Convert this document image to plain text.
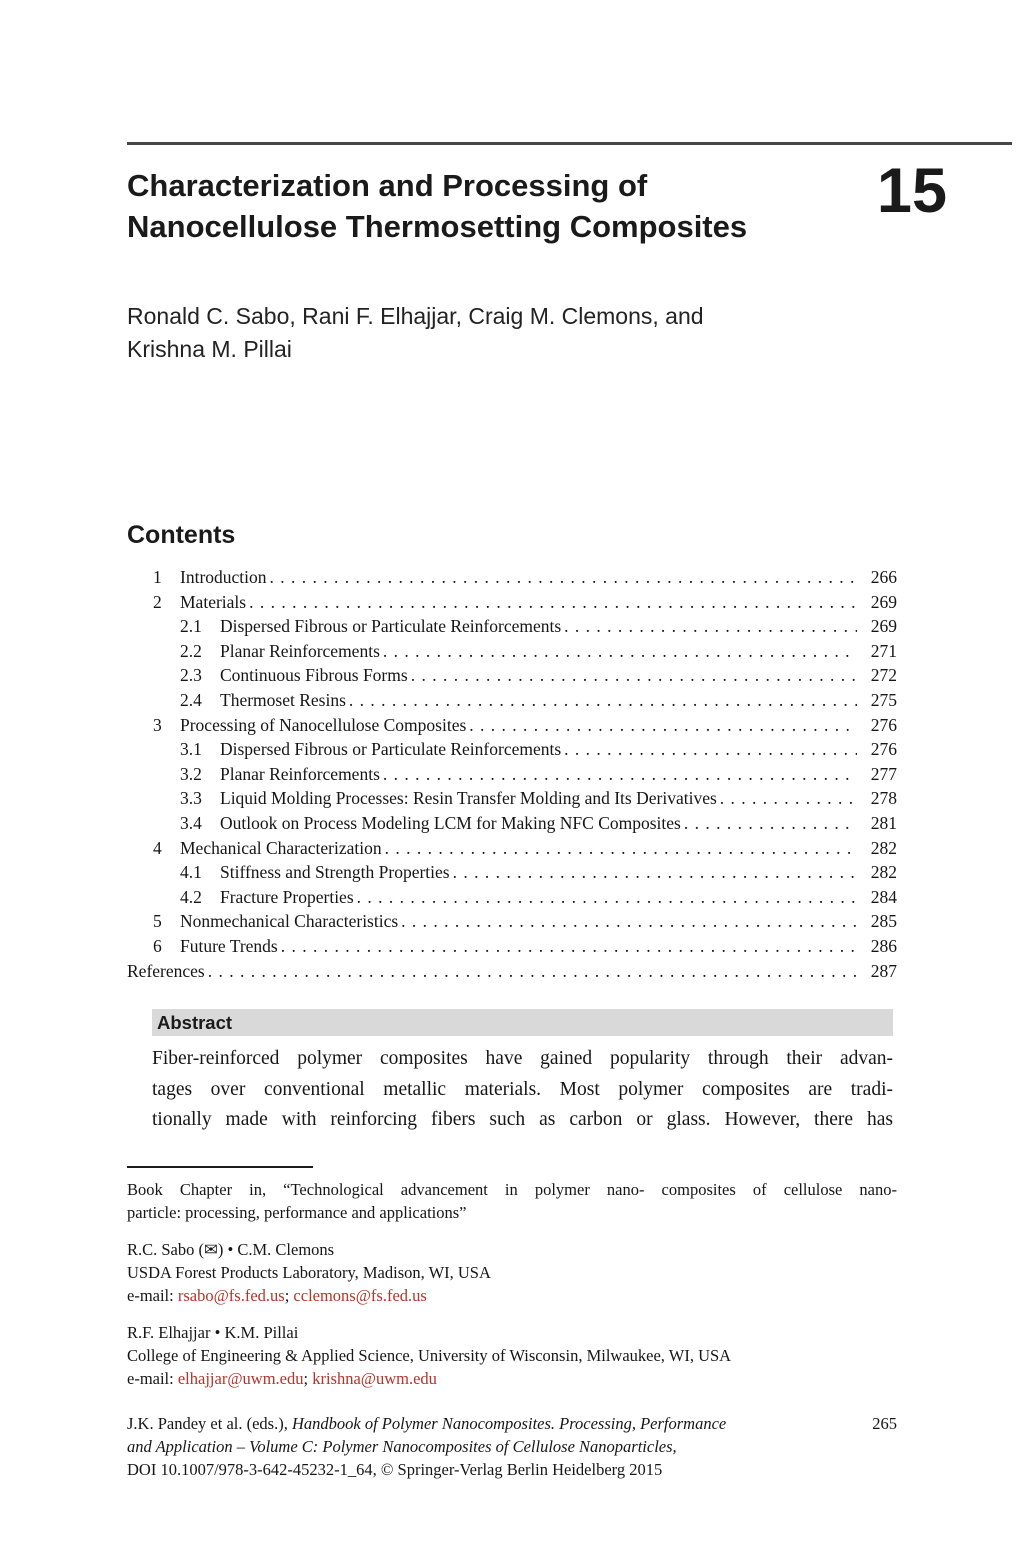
Characterization and Processing of
Nanocellulose Thermosetting Composites
15
Ronald C. Sabo, Rani F. Elhajjar, Craig M. Clemons, and
Krishna M. Pillai
Contents
1	Introduction . . .	266
2	Materials . . .	269
2.1	Dispersed Fibrous or Particulate Reinforcements . . .	269
2.2	Planar Reinforcements . . .	271
2.3	Continuous Fibrous Forms . . .	272
2.4	Thermoset Resins . . .	275
3	Processing of Nanocellulose Composites . . .	276
3.1	Dispersed Fibrous or Particulate Reinforcements . . .	276
3.2	Planar Reinforcements . . .	277
3.3	Liquid Molding Processes: Resin Transfer Molding and Its Derivatives . . .	278
3.4	Outlook on Process Modeling LCM for Making NFC Composites . . .	281
4	Mechanical Characterization . . .	282
4.1	Stiffness and Strength Properties . . .	282
4.2	Fracture Properties . . .	284
5	Nonmechanical Characteristics . . .	285
6	Future Trends . . .	286
References . . .	287
Abstract
Fiber-reinforced polymer composites have gained popularity through their advan-
tages over conventional metallic materials. Most polymer composites are tradi-
tionally made with reinforcing fibers such as carbon or glass. However, there has
Book Chapter in, “Technological advancement in polymer nano- composites of cellulose nano-
particle: processing, performance and applications”
R.C. Sabo (✉) • C.M. Clemons
USDA Forest Products Laboratory, Madison, WI, USA
e-mail: rsabo@fs.fed.us; cclemons@fs.fed.us
R.F. Elhajjar • K.M. Pillai
College of Engineering & Applied Science, University of Wisconsin, Milwaukee, WI, USA
e-mail: elhajjar@uwm.edu; krishna@uwm.edu
265
J.K. Pandey et al. (eds.), Handbook of Polymer Nanocomposites. Processing, Performance
and Application – Volume C: Polymer Nanocomposites of Cellulose Nanoparticles,
DOI 10.1007/978-3-642-45232-1_64, © Springer-Verlag Berlin Heidelberg 2015
